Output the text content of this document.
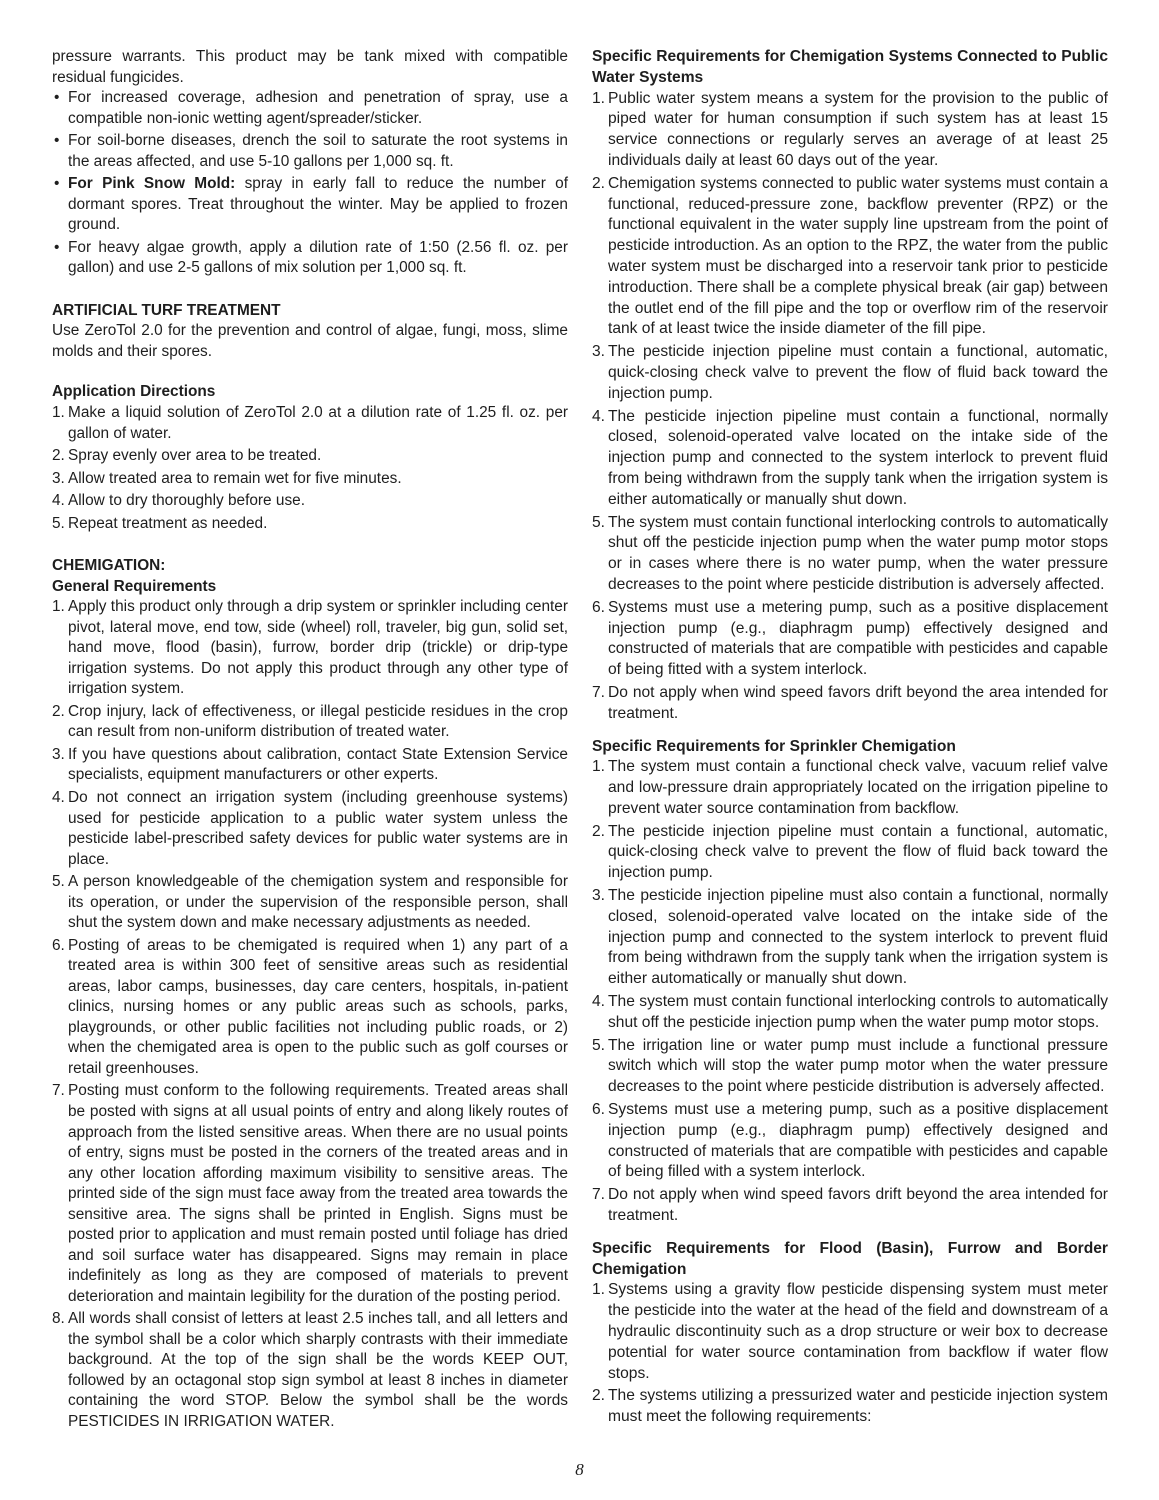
pressure warrants. This product may be tank mixed with compatible residual fungicides.

• For increased coverage, adhesion and penetration of spray, use a compatible non-ionic wetting agent/spreader/sticker.
• For soil-borne diseases, drench the soil to saturate the root systems in the areas affected, and use 5-10 gallons per 1,000 sq. ft.
• For Pink Snow Mold: spray in early fall to reduce the number of dormant spores. Treat throughout the winter. May be applied to frozen ground.
• For heavy algae growth, apply a dilution rate of 1:50 (2.56 fl. oz. per gallon) and use 2-5 gallons of mix solution per 1,000 sq. ft.

ARTIFICIAL TURF TREATMENT

Use ZeroTol 2.0 for the prevention and control of algae, fungi, moss, slime molds and their spores.

Application Directions

1. Make a liquid solution of ZeroTol 2.0 at a dilution rate of 1.25 fl. oz. per gallon of water.
2. Spray evenly over area to be treated.
3. Allow treated area to remain wet for five minutes.
4. Allow to dry thoroughly before use.
5. Repeat treatment as needed.

CHEMIGATION:

General Requirements

1. Apply this product only through a drip system or sprinkler including center pivot, lateral move, end tow, side (wheel) roll, traveler, big gun, solid set, hand move, flood (basin), furrow, border drip (trickle) or drip-type irrigation systems. Do not apply this product through any other type of irrigation system.
2. Crop injury, lack of effectiveness, or illegal pesticide residues in the crop can result from non-uniform distribution of treated water.
3. If you have questions about calibration, contact State Extension Service specialists, equipment manufacturers or other experts.
4. Do not connect an irrigation system (including greenhouse systems) used for pesticide application to a public water system unless the pesticide label-prescribed safety devices for public water systems are in place.
5. A person knowledgeable of the chemigation system and responsible for its operation, or under the supervision of the responsible person, shall shut the system down and make necessary adjustments as needed.
6. Posting of areas to be chemigated is required when 1) any part of a treated area is within 300 feet of sensitive areas such as residential areas, labor camps, businesses, day care centers, hospitals, in-patient clinics, nursing homes or any public areas such as schools, parks, playgrounds, or other public facilities not including public roads, or 2) when the chemigated area is open to the public such as golf courses or retail greenhouses.
7. Posting must conform to the following requirements. Treated areas shall be posted with signs at all usual points of entry and along likely routes of approach from the listed sensitive areas. When there are no usual points of entry, signs must be posted in the corners of the treated areas and in any other location affording maximum visibility to sensitive areas. The printed side of the sign must face away from the treated area towards the sensitive area. The signs shall be printed in English. Signs must be posted prior to application and must remain posted until foliage has dried and soil surface water has disappeared. Signs may remain in place indefinitely as long as they are composed of materials to prevent deterioration and maintain legibility for the duration of the posting period.
8. All words shall consist of letters at least 2.5 inches tall, and all letters and the symbol shall be a color which sharply contrasts with their immediate background. At the top of the sign shall be the words KEEP OUT, followed by an octagonal stop sign symbol at least 8 inches in diameter containing the word STOP. Below the symbol shall be the words PESTICIDES IN IRRIGATION WATER.

Specific Requirements for Chemigation Systems Connected to Public Water Systems

1. Public water system means a system for the provision to the public of piped water for human consumption if such system has at least 15 service connections or regularly serves an average of at least 25 individuals daily at least 60 days out of the year.
2. Chemigation systems connected to public water systems must contain a functional, reduced-pressure zone, backflow preventer (RPZ) or the functional equivalent in the water supply line upstream from the point of pesticide introduction. As an option to the RPZ, the water from the public water system must be discharged into a reservoir tank prior to pesticide introduction. There shall be a complete physical break (air gap) between the outlet end of the fill pipe and the top or overflow rim of the reservoir tank of at least twice the inside diameter of the fill pipe.
3. The pesticide injection pipeline must contain a functional, automatic, quick-closing check valve to prevent the flow of fluid back toward the injection pump.
4. The pesticide injection pipeline must contain a functional, normally closed, solenoid-operated valve located on the intake side of the injection pump and connected to the system interlock to prevent fluid from being withdrawn from the supply tank when the irrigation system is either automatically or manually shut down.
5. The system must contain functional interlocking controls to automatically shut off the pesticide injection pump when the water pump motor stops or in cases where there is no water pump, when the water pressure decreases to the point where pesticide distribution is adversely affected.
6. Systems must use a metering pump, such as a positive displacement injection pump (e.g., diaphragm pump) effectively designed and constructed of materials that are compatible with pesticides and capable of being fitted with a system interlock.
7. Do not apply when wind speed favors drift beyond the area intended for treatment.

Specific Requirements for Sprinkler Chemigation

1. The system must contain a functional check valve, vacuum relief valve and low-pressure drain appropriately located on the irrigation pipeline to prevent water source contamination from backflow.
2. The pesticide injection pipeline must contain a functional, automatic, quick-closing check valve to prevent the flow of fluid back toward the injection pump.
3. The pesticide injection pipeline must also contain a functional, normally closed, solenoid-operated valve located on the intake side of the injection pump and connected to the system interlock to prevent fluid from being withdrawn from the supply tank when the irrigation system is either automatically or manually shut down.
4. The system must contain functional interlocking controls to automatically shut off the pesticide injection pump when the water pump motor stops.
5. The irrigation line or water pump must include a functional pressure switch which will stop the water pump motor when the water pressure decreases to the point where pesticide distribution is adversely affected.
6. Systems must use a metering pump, such as a positive displacement injection pump (e.g., diaphragm pump) effectively designed and constructed of materials that are compatible with pesticides and capable of being filled with a system interlock.
7. Do not apply when wind speed favors drift beyond the area intended for treatment.

Specific Requirements for Flood (Basin), Furrow and Border Chemigation

1. Systems using a gravity flow pesticide dispensing system must meter the pesticide into the water at the head of the field and downstream of a hydraulic discontinuity such as a drop structure or weir box to decrease potential for water source contamination from backflow if water flow stops.
2. The systems utilizing a pressurized water and pesticide injection system must meet the following requirements:
8
